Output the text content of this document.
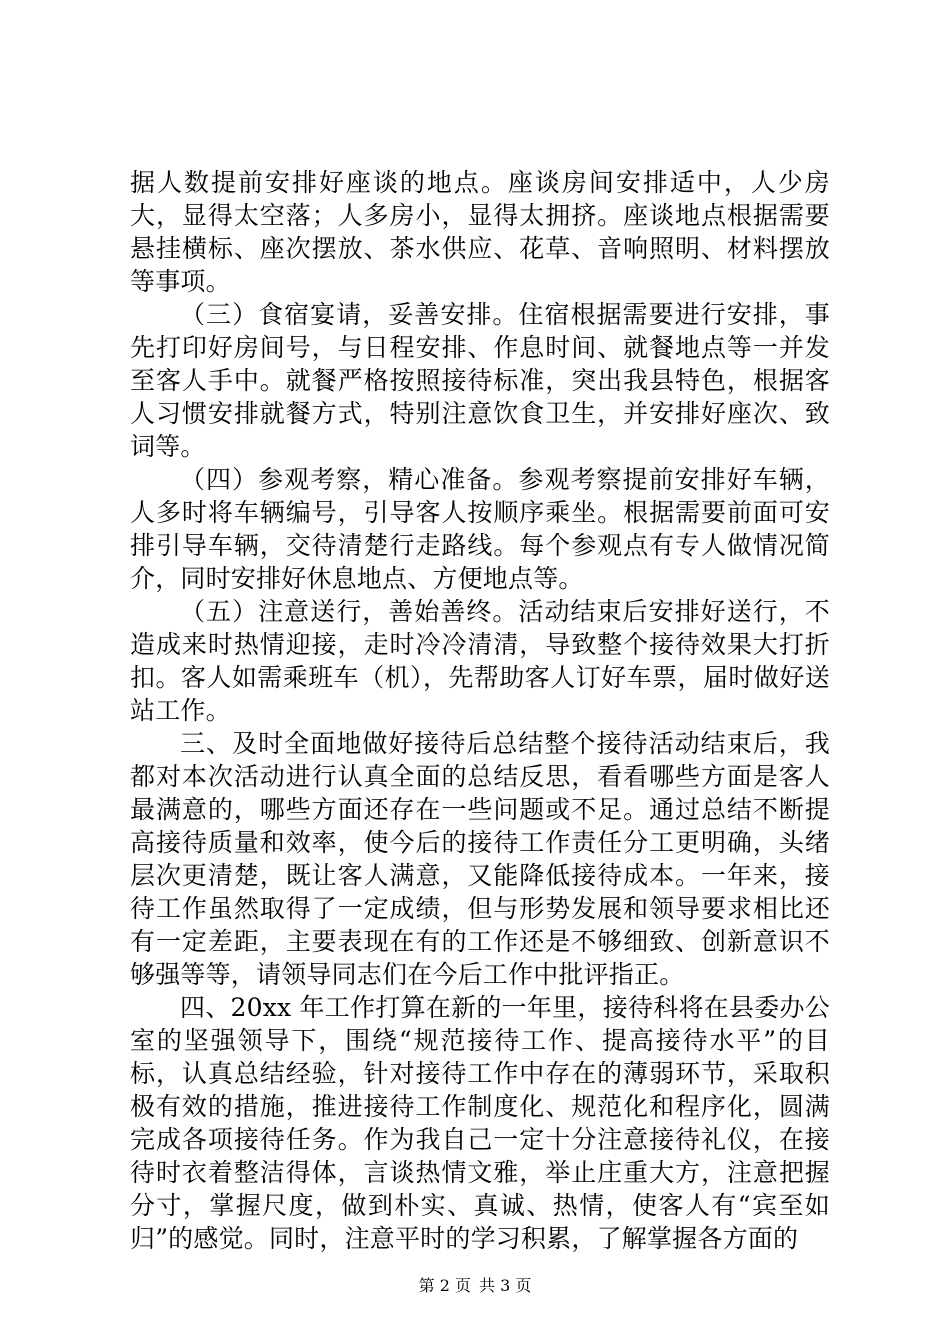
据人数提前安排好座谈的地点。座谈房间安排适中，人少房大，显得太空落；人多房小，显得太拥挤。座谈地点根据需要悬挂横标、座次摆放、茶水供应、花草、音响照明、材料摆放等事项。

（三）食宿宴请，妥善安排。住宿根据需要进行安排，事先打印好房间号，与日程安排、作息时间、就餐地点等一并发至客人手中。就餐严格按照接待标准，突出我县特色，根据客人习惯安排就餐方式，特别注意饮食卫生，并安排好座次、致词等。

（四）参观考察，精心准备。参观考察提前安排好车辆，人多时将车辆编号，引导客人按顺序乘坐。根据需要前面可安排引导车辆，交待清楚行走路线。每个参观点有专人做情况简介，同时安排好休息地点、方便地点等。

（五）注意送行，善始善终。活动结束后安排好送行，不造成来时热情迎接，走时冷冷清清，导致整个接待效果大打折扣。客人如需乘班车（机），先帮助客人订好车票，届时做好送站工作。

三、及时全面地做好接待后总结整个接待活动结束后，我都对本次活动进行认真全面的总结反思，看看哪些方面是客人最满意的，哪些方面还存在一些问题或不足。通过总结不断提高接待质量和效率，使今后的接待工作责任分工更明确，头绪层次更清楚，既让客人满意，又能降低接待成本。一年来，接待工作虽然取得了一定成绩，但与形势发展和领导要求相比还有一定差距，主要表现在有的工作还是不够细致、创新意识不够强等等，请领导同志们在今后工作中批评指正。

四、20xx 年工作打算在新的一年里，接待科将在县委办公室的坚强领导下，围绕“规范接待工作、提高接待水平”的目标，认真总结经验，针对接待工作中存在的薄弱环节，采取积极有效的措施，推进接待工作制度化、规范化和程序化，圆满完成各项接待任务。作为我自己一定十分注意接待礼仪，在接待时衣着整洁得体，言谈热情文雅，举止庄重大方，注意把握分寸，掌握尺度，做到朴实、真诚、热情，使客人有“宾至如归”的感觉。同时，注意平时的学习积累，了解掌握各方面的

第 2 页 共 3 页
